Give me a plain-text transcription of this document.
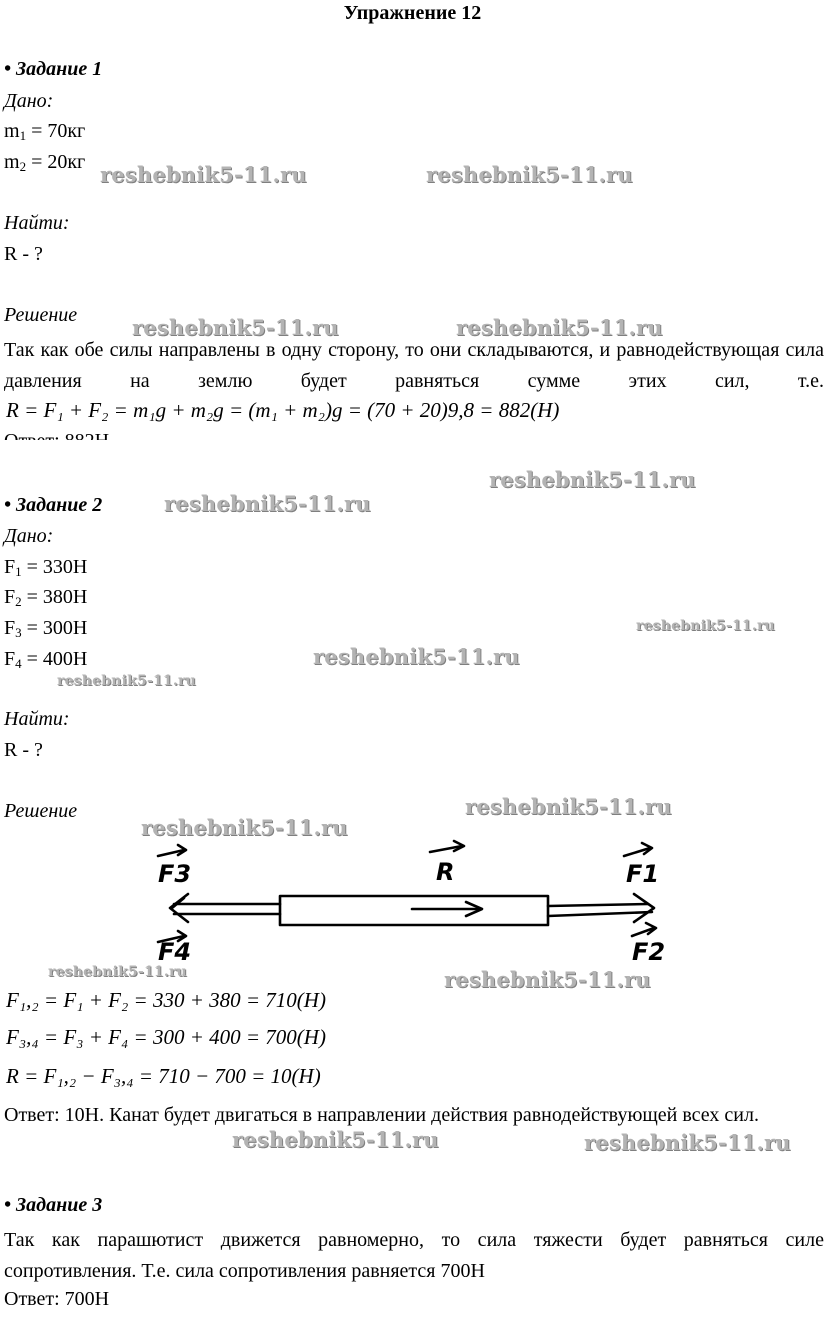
Упражнение 12
• Задание 1
Дано:
$m_1 = 70кг$
$m_2 = 20кг$
Найти:
R - ?
Решение
Так как обе силы направлены в одну сторону, то они складываются, и равнодействующая сила давления на землю будет равняться сумме этих сил, т.е.
R = F₁ + F₂ = m₁g + m₂g = (m₁ + m₂)g = (70 + 20)9,8 = 882(H)
• Задание 2
Дано:
$F_1 = 330Н$
$F_2 = 380Н$
$F_3 = 300Н$
$F_4 = 400Н$
Найти:
R - ?
Решение
F3
F4
R	F1
F2
F₁,₂ = F₁ + F₂ = 330 + 380 = 710(H)
F₃,₄ = F₃ + F₄ = 300 + 400 = 700(H)
R = F₁,₂ − F₃,₄ = 710 − 700 = 10(H)
Ответ: 10Н. Канат будет двигаться в направлении действия равнодействующей всех сил.
• Задание 3
Так как парашютист движется равномерно, то сила тяжести будет равняться силе сопротивления. Т.е. сила сопротивления равняется 700Н
Ответ: 700Н
reshebnik5-11.ru	reshebnik5-11.ru
reshebnik5-11.ru	reshebnik5-11.ru
reshebnik5-11.ru
reshebnik5-11.ru
reshebnik5-11.ru
reshebnik5-11.ru
reshebnik5-11.ru
reshebnik5-11.ru
reshebnik5-11.ru
reshebnik5-11.ru	reshebnik5-11.ru
reshebnik5-11.ru	reshebnik5-11.ru
